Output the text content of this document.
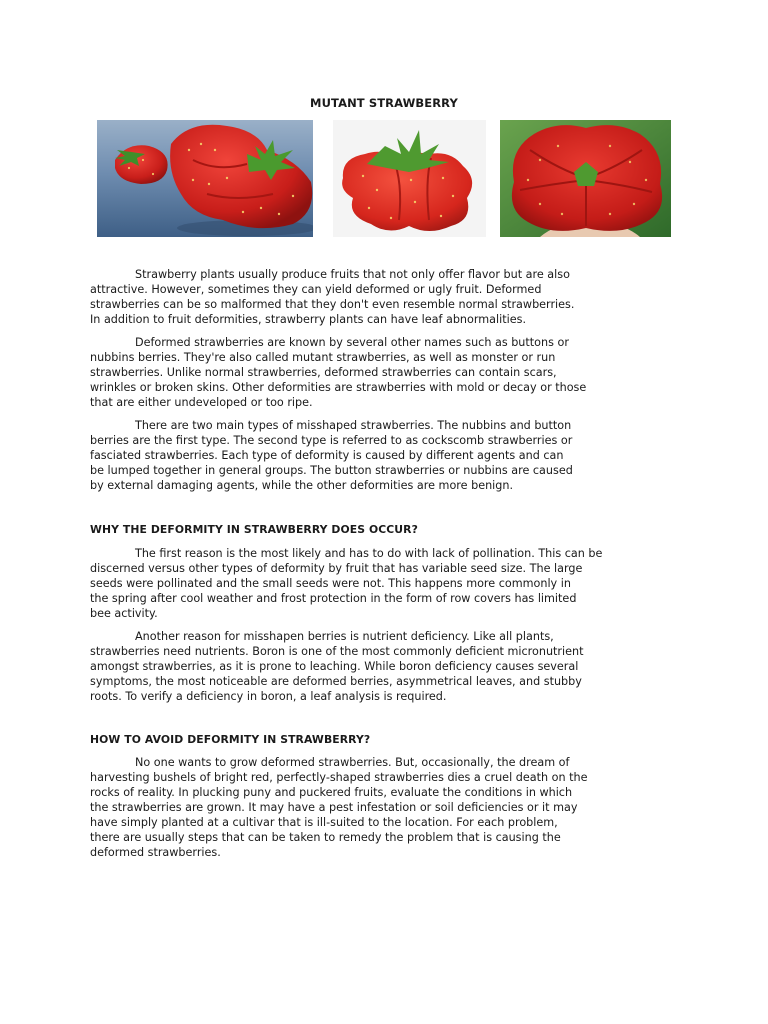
MUTANT STRAWBERRY

Strawberry plants usually produce fruits that not only offer flavor but are also
attractive. However, sometimes they can yield deformed or ugly fruit. Deformed
strawberries can be so malformed that they don't even resemble normal strawberries.
In addition to fruit deformities, strawberry plants can have leaf abnormalities.

Deformed strawberries are known by several other names such as buttons or
nubbins berries. They're also called mutant strawberries, as well as monster or run
strawberries. Unlike normal strawberries, deformed strawberries can contain scars,
wrinkles or broken skins. Other deformities are strawberries with mold or decay or those
that are either undeveloped or too ripe.

There are two main types of misshaped strawberries. The nubbins and button
berries are the first type. The second type is referred to as cockscomb strawberries or
fasciated strawberries. Each type of deformity is caused by different agents and can
be lumped together in general groups. The button strawberries or nubbins are caused
by external damaging agents, while the other deformities are more benign.

WHY THE DEFORMITY IN STRAWBERRY DOES OCCUR?

The first reason is the most likely and has to do with lack of pollination. This can be
discerned versus other types of deformity by fruit that has variable seed size. The large
seeds were pollinated and the small seeds were not. This happens more commonly in
the spring after cool weather and frost protection in the form of row covers has limited
bee activity.

Another reason for misshapen berries is nutrient deficiency. Like all plants,
strawberries need nutrients. Boron is one of the most commonly deficient micronutrient
amongst strawberries, as it is prone to leaching. While boron deficiency causes several
symptoms, the most noticeable are deformed berries, asymmetrical leaves, and stubby
roots. To verify a deficiency in boron, a leaf analysis is required.

HOW TO AVOID DEFORMITY IN STRAWBERRY?

No one wants to grow deformed strawberries. But, occasionally, the dream of
harvesting bushels of bright red, perfectly-shaped strawberries dies a cruel death on the
rocks of reality. In plucking puny and puckered fruits, evaluate the conditions in which
the strawberries are grown. It may have a pest infestation or soil deficiencies or it may
have simply planted at a cultivar that is ill-suited to the location. For each problem,
there are usually steps that can be taken to remedy the problem that is causing the
deformed strawberries.
